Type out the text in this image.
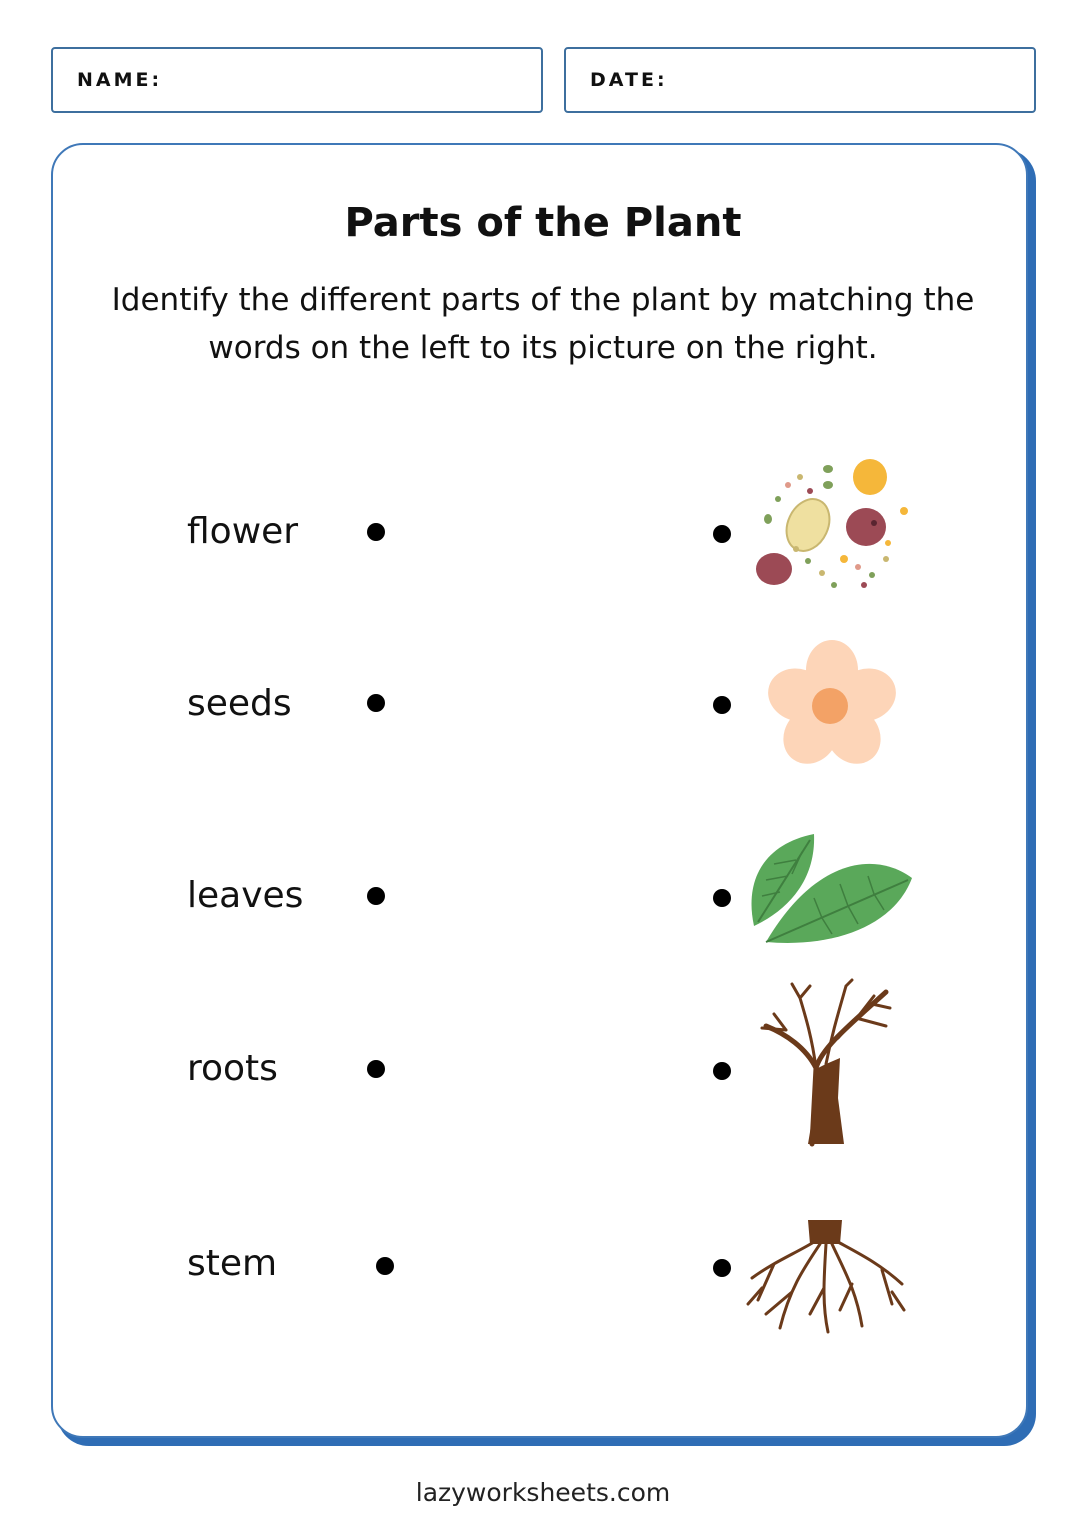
NAME:	DATE:
Parts of the Plant
Identify the different parts of the plant by matching the words on the left to its picture on the right.
flower
seeds
leaves
roots
stem
lazyworksheets.com
